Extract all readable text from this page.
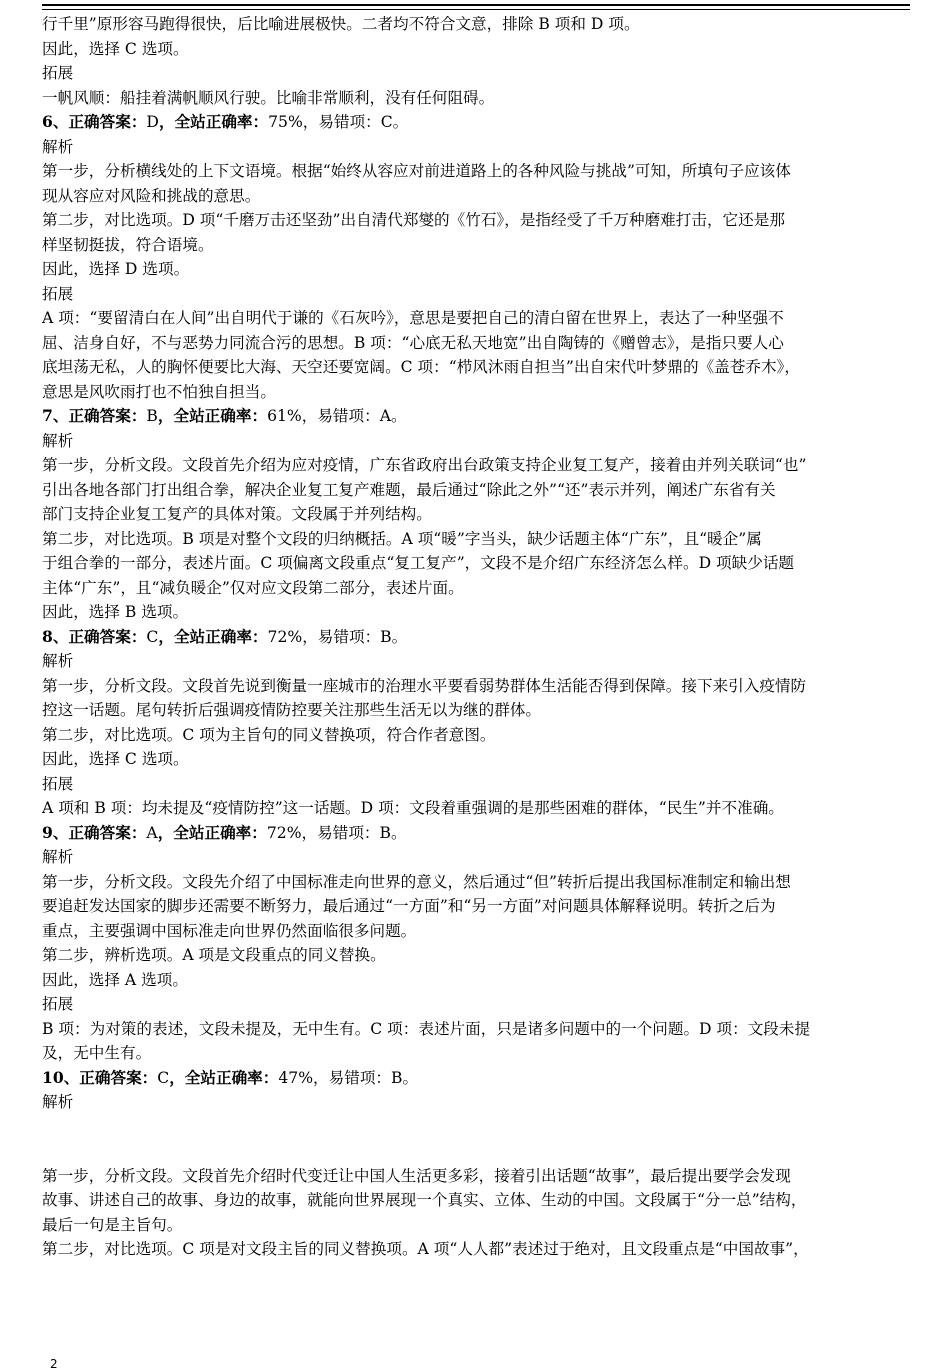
行千里”原形容马跑得很快，后比喻进展极快。二者均不符合文意，排除 B 项和 D 项。
因此，选择 C 选项。
拓展
一帆风顺：船挂着满帆顺风行驶。比喻非常顺利，没有任何阻碍。
6、正确答案：D，全站正确率：75%，易错项：C。
解析
第一步，分析横线处的上下文语境。根据“始终从容应对前进道路上的各种风险与挑战”可知，所填句子应该体
现从容应对风险和挑战的意思。
第二步，对比选项。D 项“千磨万击还坚劲”出自清代郑燮的《竹石》，是指经受了千万种磨难打击，它还是那
样坚韧挺拔，符合语境。
因此，选择 D 选项。
拓展
A 项：“要留清白在人间”出自明代于谦的《石灰吟》，意思是要把自己的清白留在世界上，表达了一种坚强不
屈、洁身自好，不与恶势力同流合污的思想。B 项：“心底无私天地宽”出自陶铸的《赠曾志》，是指只要人心
底坦荡无私，人的胸怀便要比大海、天空还要宽阔。C 项：“栉风沐雨自担当”出自宋代叶梦鼎的《盖苍乔木》，
意思是风吹雨打也不怕独自担当。
7、正确答案：B，全站正确率：61%，易错项：A。
解析
第一步，分析文段。文段首先介绍为应对疫情，广东省政府出台政策支持企业复工复产，接着由并列关联词“也”
引出各地各部门打出组合拳，解决企业复工复产难题，最后通过“除此之外”“还”表示并列，阐述广东省有关
部门支持企业复工复产的具体对策。文段属于并列结构。
第二步，对比选项。B 项是对整个文段的归纳概括。A 项“暖”字当头，缺少话题主体“广东”，且“暖企”属
于组合拳的一部分，表述片面。C 项偏离文段重点“复工复产”，文段不是介绍广东经济怎么样。D 项缺少话题
主体“广东”，且“减负暖企”仅对应文段第二部分，表述片面。
因此，选择 B 选项。
8、正确答案：C，全站正确率：72%，易错项：B。
解析
第一步，分析文段。文段首先说到衡量一座城市的治理水平要看弱势群体生活能否得到保障。接下来引入疫情防
控这一话题。尾句转折后强调疫情防控要关注那些生活无以为继的群体。
第二步，对比选项。C 项为主旨句的同义替换项，符合作者意图。
因此，选择 C 选项。
拓展
A 项和 B 项：均未提及“疫情防控”这一话题。D 项：文段着重强调的是那些困难的群体，“民生”并不准确。
9、正确答案：A，全站正确率：72%，易错项：B。
解析
第一步，分析文段。文段先介绍了中国标准走向世界的意义，然后通过“但”转折后提出我国标准制定和输出想
要追赶发达国家的脚步还需要不断努力，最后通过“一方面”和“另一方面”对问题具体解释说明。转折之后为
重点，主要强调中国标准走向世界仍然面临很多问题。
第二步，辨析选项。A 项是文段重点的同义替换。
因此，选择 A 选项。
拓展
B 项：为对策的表述，文段未提及，无中生有。C 项：表述片面，只是诸多问题中的一个问题。D 项：文段未提
及，无中生有。
10、正确答案：C，全站正确率：47%，易错项：B。
解析
第一步，分析文段。文段首先介绍时代变迁让中国人生活更多彩，接着引出话题“故事”，最后提出要学会发现
故事、讲述自己的故事、身边的故事，就能向世界展现一个真实、立体、生动的中国。文段属于“分一总”结构，
最后一句是主旨句。
第二步，对比选项。C 项是对文段主旨的同义替换项。A 项“人人都”表述过于绝对，且文段重点是“中国故事”，
2
